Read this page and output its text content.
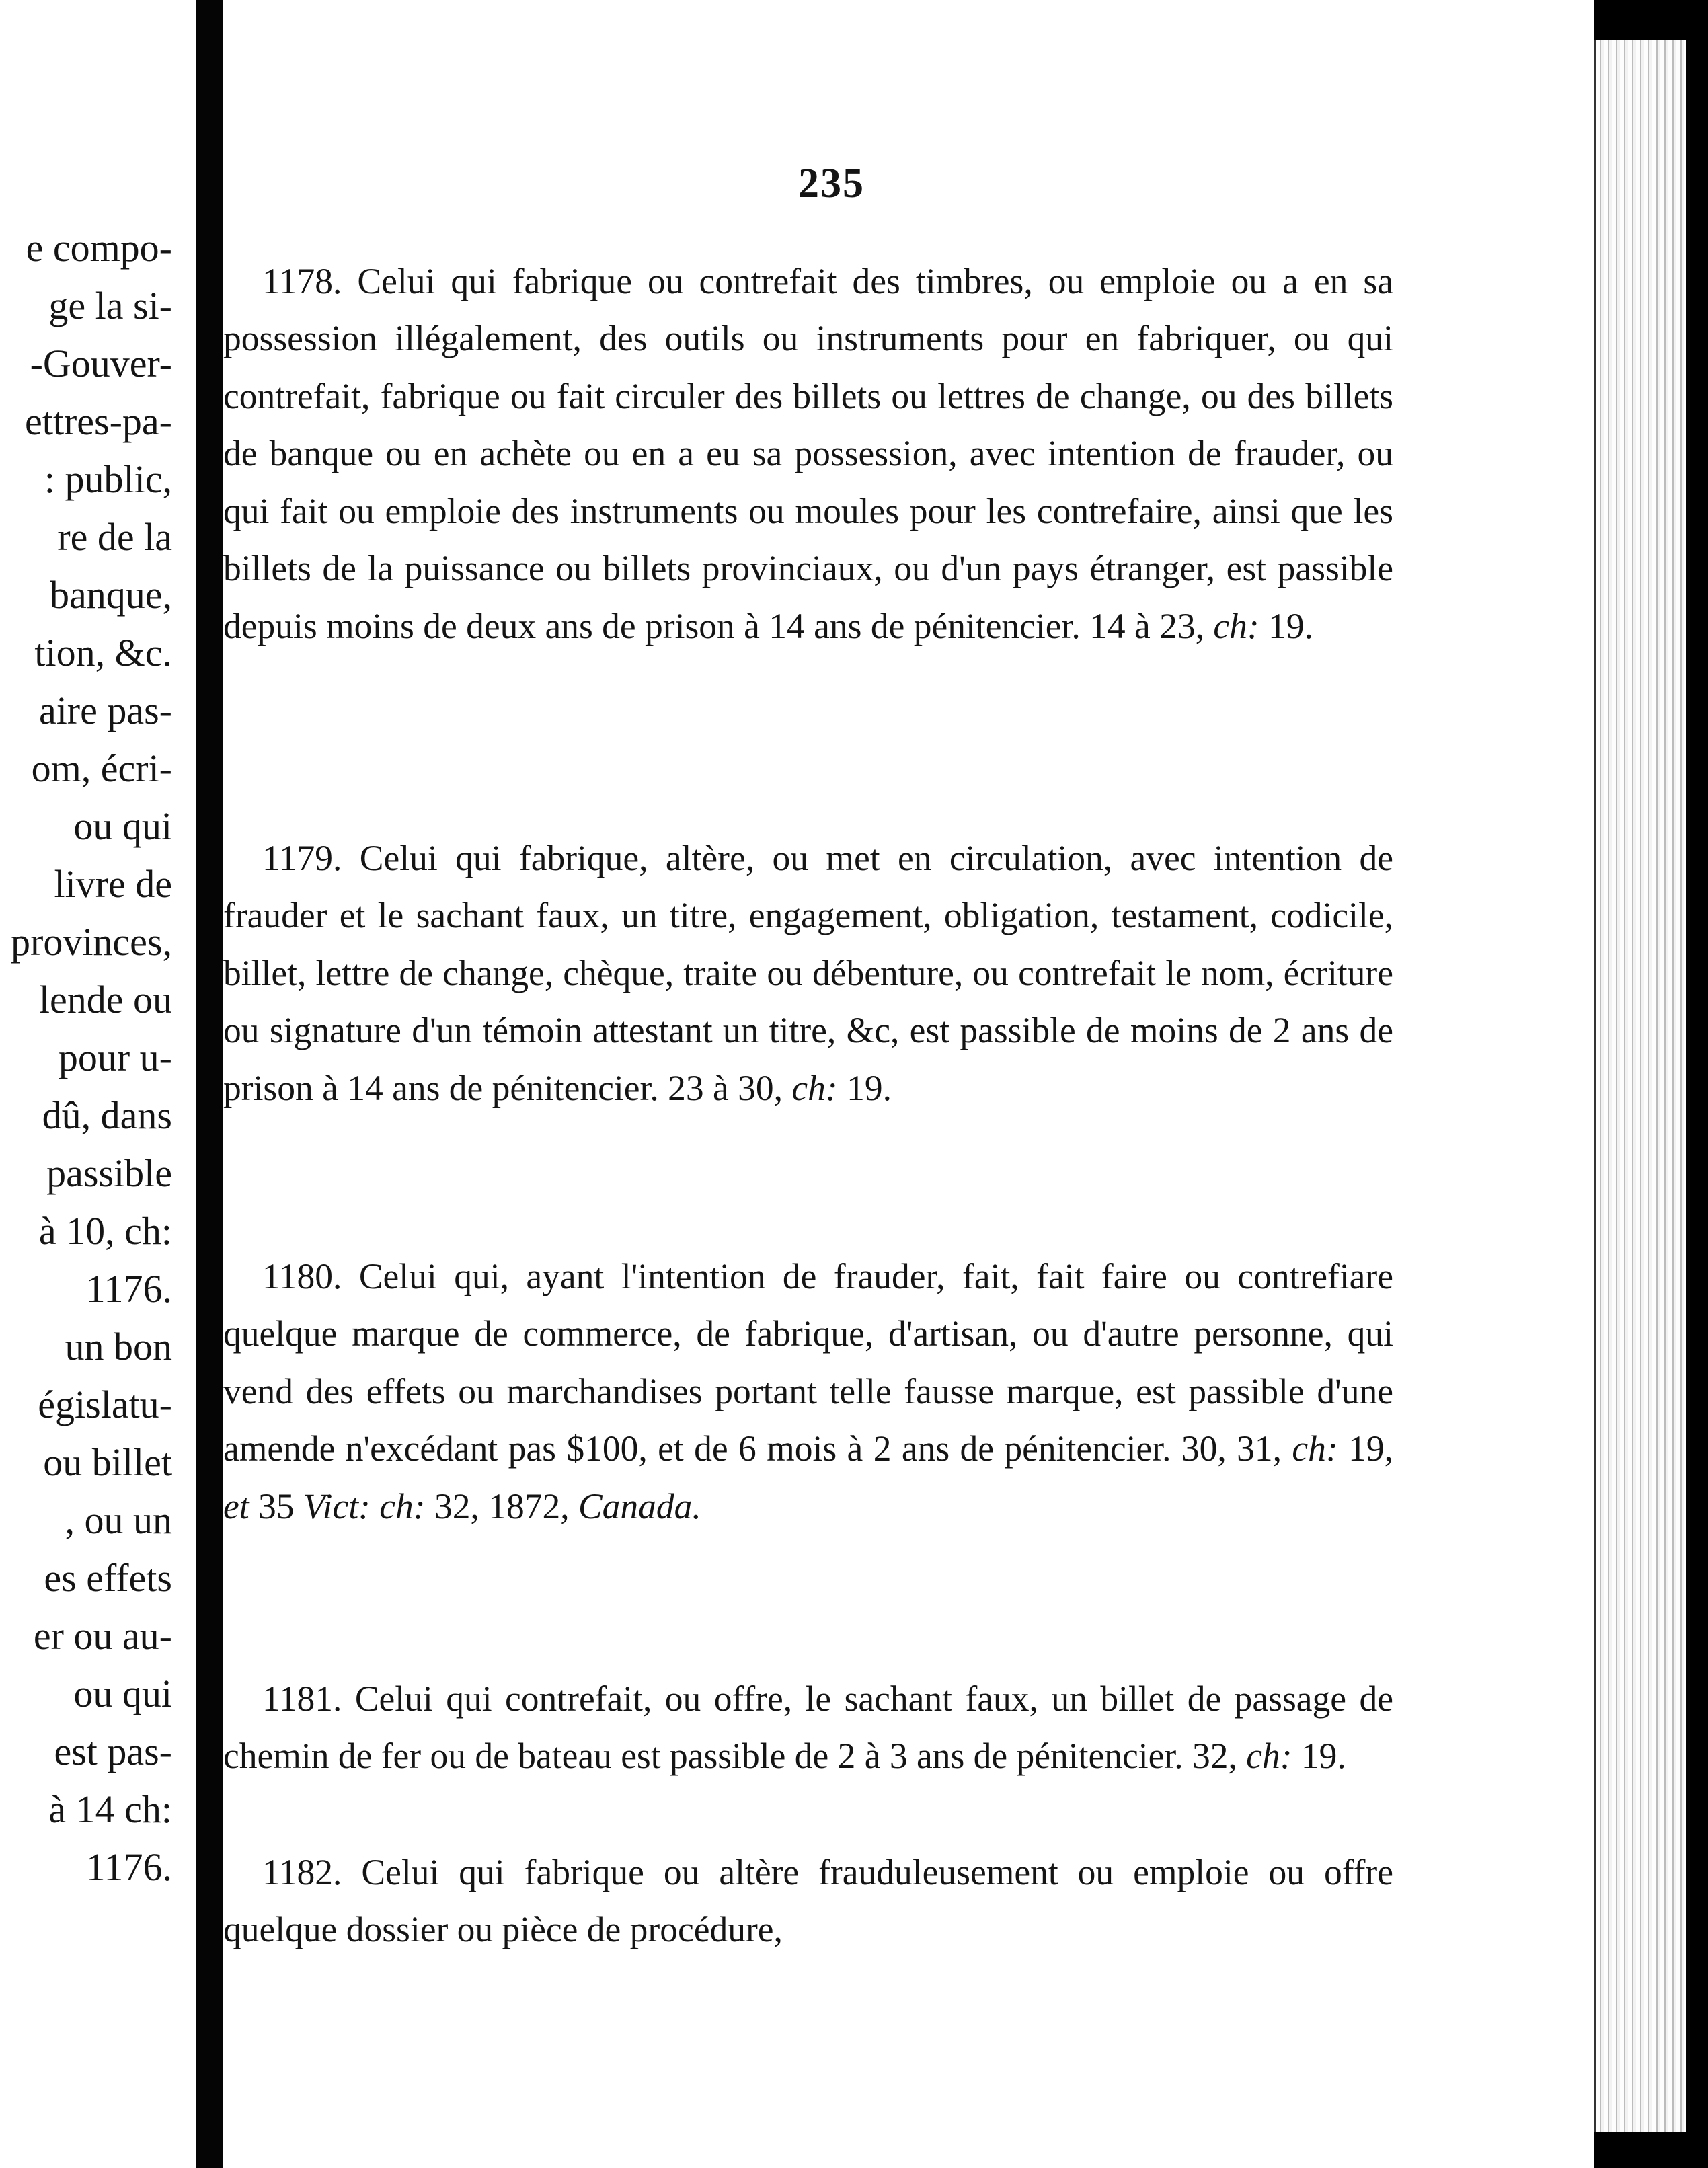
e compo-
ge la si-
-Gouver-
ettres-pa-
: public,
re de la
banque,
tion, &c.
aire pas-
om, écri-
ou qui
livre de
provinces,
lende ou
pour u-
dû, dans
passible
à 10, ch:
1176.
un bon
égislatu-
ou billet
, ou un
es effets
er ou au-
ou qui
est pas-
à 14 ch:
1176.
235

1178. Celui qui fabrique ou contrefait des timbres, ou emploie ou a en sa possession illégalement, des outils ou instruments pour en fabriquer, ou qui contrefait, fabrique ou fait circuler des billets ou lettres de change, ou des billets de banque ou en achète ou en a eu sa possession, avec intention de frauder, ou qui fait ou emploie des instruments ou moules pour les contrefaire, ainsi que les billets de la puissance ou billets provinciaux, ou d'un pays étranger, est passible depuis moins de deux ans de prison à 14 ans de pénitencier. 14 à 23, ch: 19.

1179. Celui qui fabrique, altère, ou met en circulation, avec intention de frauder et le sachant faux, un titre, engagement, obligation, testament, codicile, billet, lettre de change, chèque, traite ou débenture, ou contrefait le nom, écriture ou signature d'un témoin attestant un titre, &c, est passible de moins de 2 ans de prison à 14 ans de pénitencier. 23 à 30, ch: 19.

1180. Celui qui, ayant l'intention de frauder, fait, fait faire ou contrefiare quelque marque de commerce, de fabrique, d'artisan, ou d'autre personne, qui vend des effets ou marchandises portant telle fausse marque, est passible d'une amende n'excédant pas $100, et de 6 mois à 2 ans de pénitencier. 30, 31, ch: 19, et 35 Vict: ch: 32, 1872, Canada.

1181. Celui qui contrefait, ou offre, le sachant faux, un billet de passage de chemin de fer ou de bateau est passible de 2 à 3 ans de pénitencier. 32, ch: 19.

1182. Celui qui fabrique ou altère frauduleusement ou emploie ou offre quelque dossier ou pièce de procédure,
